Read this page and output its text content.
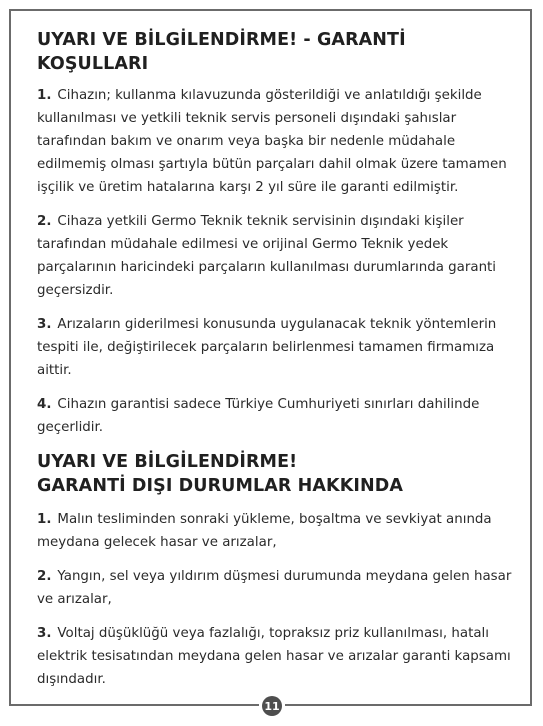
UYARI VE BİLGİLENDİRME! - GARANTİ KOŞULLARI

1. Cihazın; kullanma kılavuzunda gösterildiği ve anlatıldığı şekilde kullanılması ve yetkili teknik servis personeli dışındaki şahıslar tarafından bakım ve onarım veya başka bir nedenle müdahale edilmemiş olması şartıyla bütün parçaları dahil olmak üzere tamamen işçilik ve üretim hatalarına karşı 2 yıl süre ile garanti edilmiştir.

2. Cihaza yetkili Germo Teknik teknik servisinin dışındaki kişiler tarafından müdahale edilmesi ve orijinal Germo Teknik yedek parçalarının haricindeki parçaların kullanılması durumlarında garanti geçersizdir.

3. Arızaların giderilmesi konusunda uygulanacak teknik yöntemlerin tespiti ile, değiştirilecek parçaların belirlenmesi tamamen firmamıza aittir.

4. Cihazın garantisi sadece Türkiye Cumhuriyeti sınırları dahilinde geçerlidir.

UYARI VE BİLGİLENDİRME!
GARANTİ DIŞI DURUMLAR HAKKINDA

1. Malın tesliminden sonraki yükleme, boşaltma ve sevkiyat anında meydana gelecek hasar ve arızalar,

2. Yangın, sel veya yıldırım düşmesi durumunda meydana gelen hasar ve arızalar,

3. Voltaj düşüklüğü veya fazlalığı, topraksız priz kullanılması, hatalı elektrik tesisatından meydana gelen hasar ve arızalar garanti kapsamı dışındadır.

11
